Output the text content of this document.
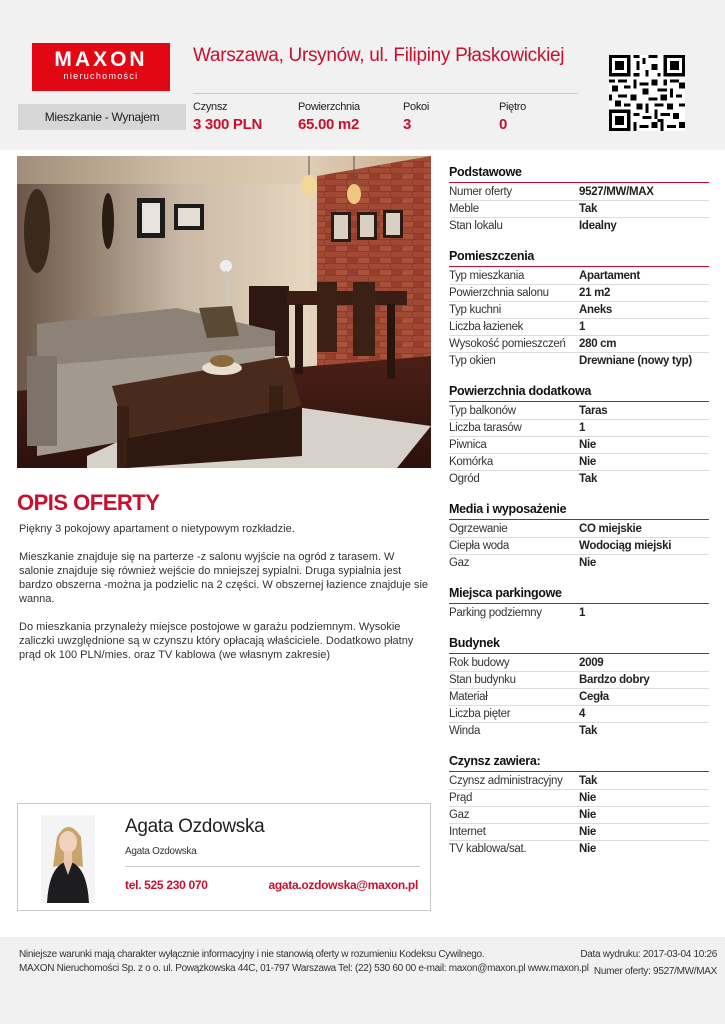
MAXON
nieruchomości
Warszawa, Ursynów, ul. Filipiny Płaskowickiej
Mieszkanie - Wynajem
Czynsz
3 300 PLN
Powierzchnia
65.00 m2
Pokoi
3
Piętro
0
OPIS OFERTY

Piękny 3 pokojowy apartament o nietypowym rozkładzie.

Mieszkanie znajduje się na parterze -z salonu wyjście na ogród z tarasem. W salonie znajduje się również wejście do mniejszej sypialni. Druga sypialnia jest bardzo obszerna -można ja podzielic na 2 części. W obszernej łazience znajduje sie wanna.

Do mieszkania przynależy miejsce postojowe w garażu podziemnym. Wysokie zaliczki uwzględnione są w czynszu który opłacają właściciele. Dodatkowo płatny prąd ok 100 PLN/mies. oraz TV kablowa (we własnym zakresie)

Agata Ozdowska
Agata Ozdowska
tel. 525 230 070	agata.ozdowska@maxon.pl
Podstawowe
Numer oferty	9527/MW/MAX
Meble	Tak
Stan lokalu	Idealny
Pomieszczenia
Typ mieszkania	Apartament
Powierzchnia salonu	21 m2
Typ kuchni	Aneks
Liczba łazienek	1
Wysokość pomieszczeń 280 cm
Typ okien	Drewniane (nowy typ)
Powierzchnia dodatkowa
Typ balkonów	Taras
Liczba tarasów	1
Piwnica	Nie
Komórka	Nie
Ogród	Tak
Media i wyposażenie
Ogrzewanie	CO miejskie
Ciepła woda	Wodociąg miejski
Gaz	Nie
Miejsca parkingowe
Parking podziemny	1
Budynek
Rok budowy	2009
Stan budynku	Bardzo dobry
Materiał	Cegła
Liczba pięter	4
Winda	Tak
Czynsz zawiera:
Czynsz administracyjny Tak
Prąd	Nie
Gaz	Nie
Internet	Nie
TV kablowa/sat.	Nie
Niniejsze warunki mają charakter wyłącznie informacyjny i nie stanowią oferty w rozumieniu Kodeksu Cywilnego.
MAXON Nieruchomości Sp. z o o. ul. Powązkowska 44C, 01-797 Warszawa Tel: (22) 530 60 00 e-mail: maxon@maxon.pl www.maxon.pl
Data wydruku: 2017-03-04 10:26
Numer oferty: 9527/MW/MAX
